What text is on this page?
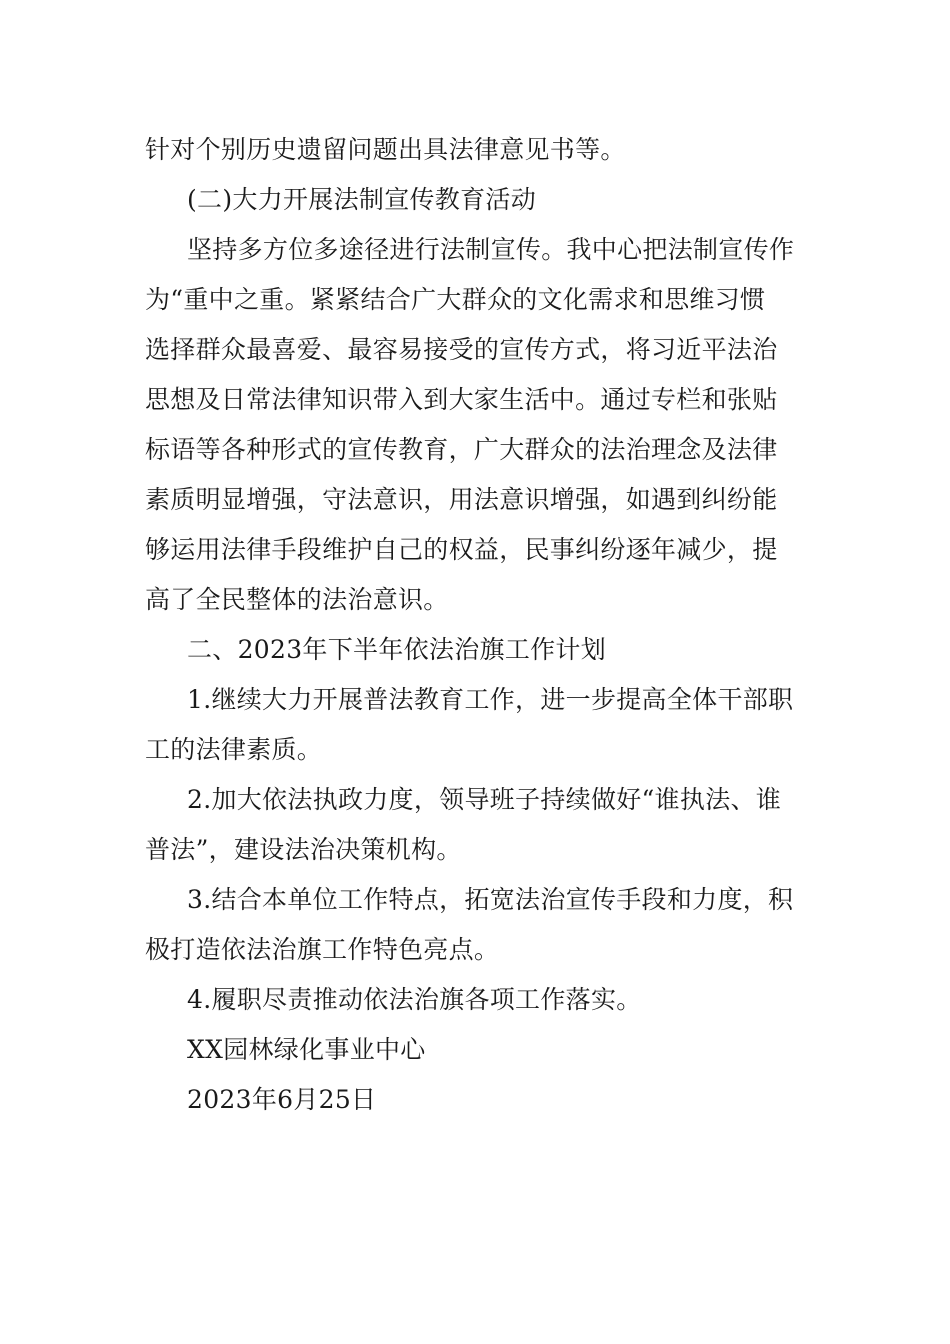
针对个别历史遗留问题出具法律意见书等。
(二)大力开展法制宣传教育活动
坚持多方位多途径进行法制宣传。我中心把法制宣传作
为“重中之重。紧紧结合广大群众的文化需求和思维习惯
选择群众最喜爱、最容易接受的宣传方式，将习近平法治
思想及日常法律知识带入到大家生活中。通过专栏和张贴
标语等各种形式的宣传教育，广大群众的法治理念及法律
素质明显增强，守法意识，用法意识增强，如遇到纠纷能
够运用法律手段维护自己的权益，民事纠纷逐年减少，提
高了全民整体的法治意识。
二、2023年下半年依法治旗工作计划
1.继续大力开展普法教育工作，进一步提高全体干部职
工的法律素质。
2.加大依法执政力度，领导班子持续做好“谁执法、谁
普法”，建设法治决策机构。
3.结合本单位工作特点，拓宽法治宣传手段和力度，积
极打造依法治旗工作特色亮点。
4.履职尽责推动依法治旗各项工作落实。
XX园林绿化事业中心
2023年6月25日
